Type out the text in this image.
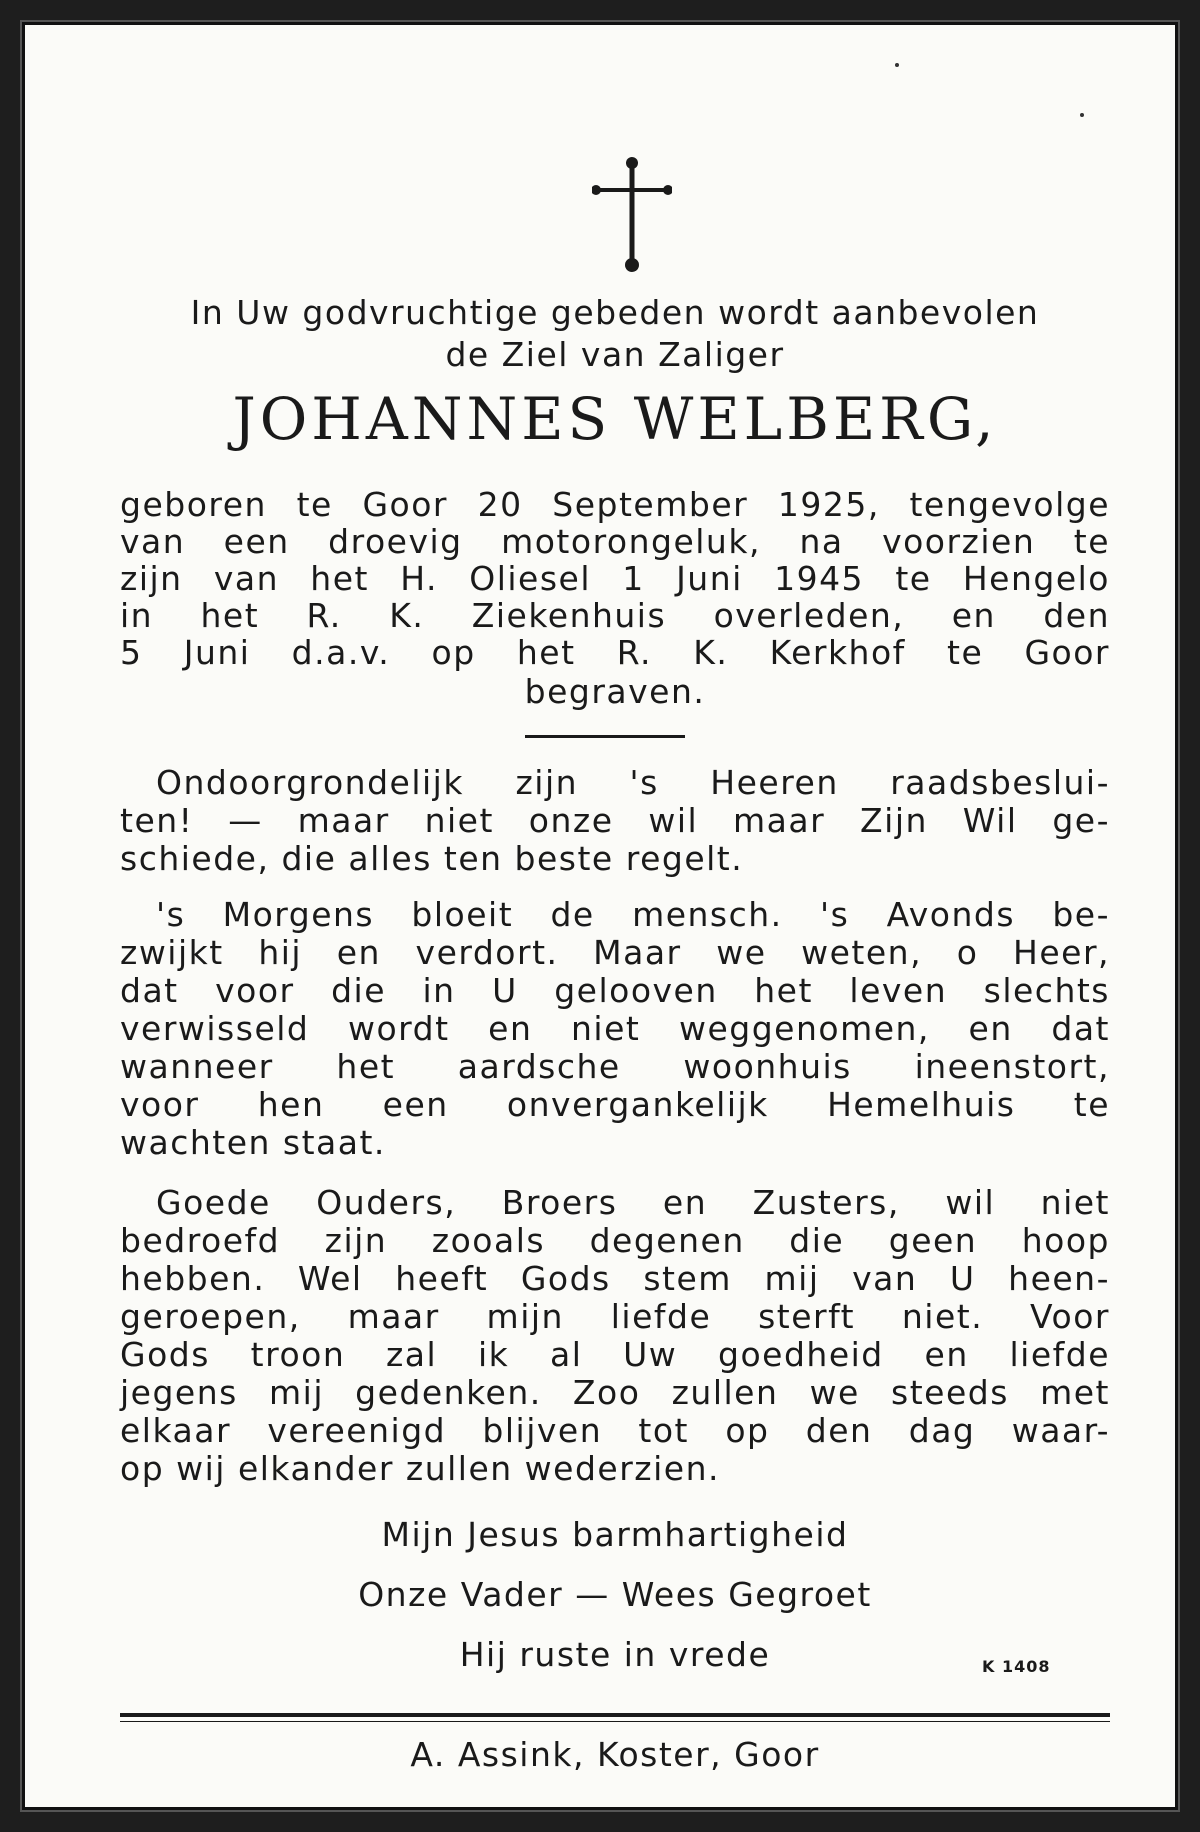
In Uw godvruchtige gebeden wordt aanbevolen
de Ziel van Zaliger
JOHANNES WELBERG,
geboren te Goor 20 September 1925, tengevolge
van een droevig motorongeluk, na voorzien te
zijn van het H. Oliesel 1 Juni 1945 te Hengelo
in het R. K. Ziekenhuis overleden, en den
5 Juni d.a.v. op het R. K. Kerkhof te Goor
begraven.
Ondoorgrondelijk zijn 's Heeren raadsbeslui-
ten! — maar niet onze wil maar Zijn Wil ge-
schiede, die alles ten beste regelt.
's Morgens bloeit de mensch. 's Avonds be-
zwijkt hij en verdort. Maar we weten, o Heer,
dat voor die in U gelooven het leven slechts
verwisseld wordt en niet weggenomen, en dat
wanneer het aardsche woonhuis ineenstort,
voor hen een onvergankelijk Hemelhuis te
wachten staat.
Goede Ouders, Broers en Zusters, wil niet
bedroefd zijn zooals degenen die geen hoop
hebben. Wel heeft Gods stem mij van U heen-
geroepen, maar mijn liefde sterft niet. Voor
Gods troon zal ik al Uw goedheid en liefde
jegens mij gedenken. Zoo zullen we steeds met
elkaar vereenigd blijven tot op den dag waar-
op wij elkander zullen wederzien.
Mijn Jesus barmhartigheid
Onze Vader — Wees Gegroet
Hij ruste in vrede	K 1408
A. Assink, Koster, Goor
